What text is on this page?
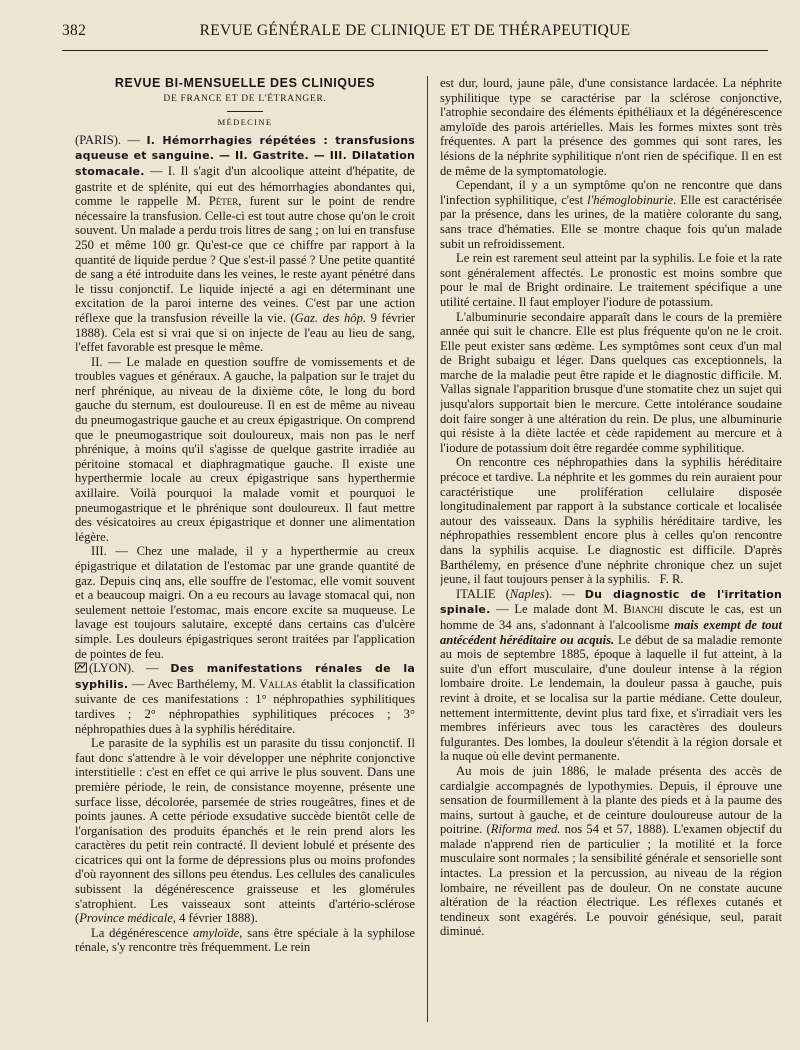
382	REVUE GÉNÉRALE DE CLINIQUE ET DE THÉRAPEUTIQUE
REVUE BI-MENSUELLE DES CLINIQUES
DE FRANCE ET DE L'ÉTRANGER.
MÉDECINE

(PARIS). — I. Hémorrhagies répétées : transfusions aqueuse et sanguine. — II. Gastrite. — III. Dilatation stomacale. — I. Il s'agit d'un alcoolique atteint d'hépatite, de gastrite et de splénite, qui eut des hémorrhagies abondantes qui, comme le rappelle M. Péter, furent sur le point de rendre nécessaire la transfusion. Celle-ci est tout autre chose qu'on le croit souvent. Un malade a perdu trois litres de sang ; on lui en transfuse 250 et même 100 gr. Qu'est-ce que ce chiffre par rapport à la quantité de liquide perdue ? Que s'est-il passé ? Une petite quantité de sang a été introduite dans les veines, le reste ayant pénétré dans le tissu conjonctif. Le liquide injecté a agi en déterminant une excitation de la paroi interne des veines. C'est par une action réflexe que la transfusion réveille la vie. (Gaz. des hôp. 9 février 1888). Cela est si vrai que si on injecte de l'eau au lieu de sang, l'effet favorable est presque le même.

II. — Le malade en question souffre de vomissements et de troubles vagues et généraux. A gauche, la palpation sur le trajet du nerf phrénique, au niveau de la dixième côte, le long du bord gauche du sternum, est douloureuse. Il en est de même au niveau du pneumogastrique gauche et au creux épigastrique. On comprend que le pneumogastrique soit douloureux, mais non pas le nerf phrénique, à moins qu'il s'agisse de quelque gastrite irradiée au péritoine stomacal et diaphragmatique gauche. Il existe une hyperthermie locale au creux épigastrique sans hyperthermie axillaire. Voilà pourquoi la malade vomit et pourquoi le pneumogastrique et le phrénique sont douloureux. Il faut mettre des vésicatoires au creux épigastrique et donner une alimentation légère.

III. — Chez une malade, il y a hyperthermie au creux épigastrique et dilatation de l'estomac par une grande quantité de gaz. Depuis cinq ans, elle souffre de l'estomac, elle vomit souvent et a beaucoup maigri. On a eu recours au lavage stomacal qui, non seulement nettoie l'estomac, mais encore excite sa muqueuse. Le lavage est toujours salutaire, excepté dans certains cas d'ulcère simple. Les douleurs épigastriques seront traitées par l'application de pointes de feu.

(LYON). — Des manifestations rénales de la syphilis. — Avec Barthélemy, M. Vallas établit la classification suivante de ces manifestations : 1° néphropathies syphilitiques tardives ; 2° néphropathies syphilitiques précoces ; 3° néphropathies dues à la syphilis héréditaire.

Le parasite de la syphilis est un parasite du tissu conjonctif. Il faut donc s'attendre à le voir développer une néphrite conjonctive interstitielle : c'est en effet ce qui arrive le plus souvent. Dans une première période, le rein, de consistance moyenne, présente une surface lisse, décolorée, parsemée de stries rougeâtres, fines et de points jaunes. A cette période exsudative succède bientôt celle de l'organisation des produits épanchés et le rein prend alors les caractères du petit rein contracté. Il devient lobulé et présente des cicatrices qui ont la forme de dépressions plus ou moins profondes d'où rayonnent des sillons peu étendus. Les cellules des canalicules subissent la dégénérescence graisseuse et les glomérules s'atrophient. Les vaisseaux sont atteints d'artério-sclérose (Province médicale, 4 février 1888).

La dégénérescence amyloïde, sans être spéciale à la syphilose rénale, s'y rencontre très fréquemment. Le rein

est dur, lourd, jaune pâle, d'une consistance lardacée. La néphrite syphilitique type se caractérise par la sclérose conjonctive, l'atrophie secondaire des éléments épithéliaux et la dégénérescence amyloïde des parois artérielles. Mais les formes mixtes sont très fréquentes. A part la présence des gommes qui sont rares, les lésions de la néphrite syphilitique n'ont rien de spécifique. Il en est de même de la symptomatologie.

Cependant, il y a un symptôme qu'on ne rencontre que dans l'infection syphilitique, c'est l'hémoglobinurie. Elle est caractérisée par la présence, dans les urines, de la matière colorante du sang, sans trace d'hématies. Elle se montre chaque fois qu'un malade subit un refroidissement.

Le rein est rarement seul atteint par la syphilis. Le foie et la rate sont généralement affectés. Le pronostic est moins sombre que pour le mal de Bright ordinaire. Le traitement spécifique a une utilité certaine. Il faut employer l'iodure de potassium.

L'albuminurie secondaire apparaît dans le cours de la première année qui suit le chancre. Elle est plus fréquente qu'on ne le croit. Elle peut exister sans œdème. Les symptômes sont ceux d'un mal de Bright subaigu et léger. Dans quelques cas exceptionnels, la marche de la maladie peut être rapide et le diagnostic difficile. M. Vallas signale l'apparition brusque d'une stomatite chez un sujet qui jusqu'alors supportait bien le mercure. Cette intolérance soudaine doit faire songer à une altération du rein. De plus, une albuminurie qui résiste à la diète lactée et cède rapidement au mercure et à l'iodure de potassium doit être regardée comme syphilitique.

On rencontre ces néphropathies dans la syphilis héréditaire précoce et tardive. La néphrite et les gommes du rein auraient pour caractéristique une prolifération cellulaire disposée longitudinalement par rapport à la substance corticale et localisée autour des vaisseaux. Dans la syphilis héréditaire tardive, les néphropathies ressemblent encore plus à celles qu'on rencontre dans la syphilis acquise. Le diagnostic est difficile. D'après Barthélemy, en présence d'une néphrite chronique chez un sujet jeune, il faut toujours penser à la syphilis. F. R.

ITALIE (Naples). — Du diagnostic de l'irritation spinale. — Le malade dont M. Bianchi discute le cas, est un homme de 34 ans, s'adonnant à l'alcoolisme mais exempt de tout antécédent héréditaire ou acquis. Le début de sa maladie remonte au mois de septembre 1885, époque à laquelle il fut atteint, à la suite d'un effort musculaire, d'une douleur intense à la région lombaire droite. Le lendemain, la douleur passa à gauche, puis revint à droite, et se localisa sur la partie médiane. Cette douleur, nettement intermittente, devint plus tard fixe, et s'irradiait vers les membres inférieurs avec tous les caractères des douleurs fulgurantes. Des lombes, la douleur s'étendit à la région dorsale et la nuque où elle devint permanente.

Au mois de juin 1886, le malade présenta des accès de cardialgie accompagnés de lypothymies. Depuis, il éprouve une sensation de fourmillement à la plante des pieds et à la paume des mains, surtout à gauche, et de ceinture douloureuse autour de la poitrine. (Riforma med. nos 54 et 57, 1888). L'examen objectif du malade n'apprend rien de particulier ; la motilité et la force musculaire sont normales ; la sensibilité générale et sensorielle sont intactes. La pression et la percussion, au niveau de la région lombaire, ne réveillent pas de douleur. On ne constate aucune altération de la réaction électrique. Les réflexes cutanés et tendineux sont exagérés. Le pouvoir génésique, seul, parait diminué.
